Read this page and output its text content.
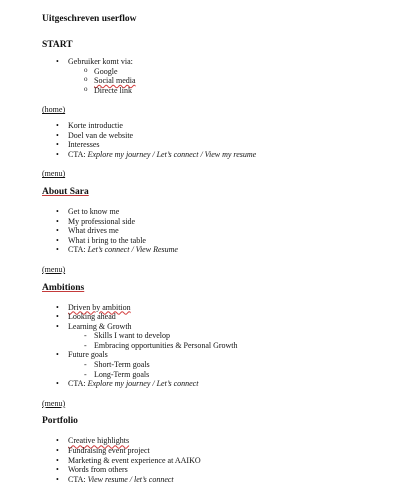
Uitgeschreven userflow
START
• Gebruiker komt via:
o Google
o Social media
o Directe link

(home)

• Korte introductie
• Doel van de website
• Interesses
• CTA: Explore my journey / Let’s connect / View my resume

(menu)

About Sara
• Get to know me
• My professional side
• What drives me
• What i bring to the table
• CTA: Let’s connect / View Resume

(menu)

Ambitions
• Driven by ambition
• Looking ahead
• Learning & Growth
- Skills I want to develop
- Embracing opportunities & Personal Growth
• Future goals
- Short-Term goals
- Long-Term goals
• CTA: Explore my journey / Let’s connect

(menu)

Portfolio
• Creative highlights
• Fundraising event project
• Marketing & event experience at AAIKO
• Words from others
• CTA: View resume / let’s connect
